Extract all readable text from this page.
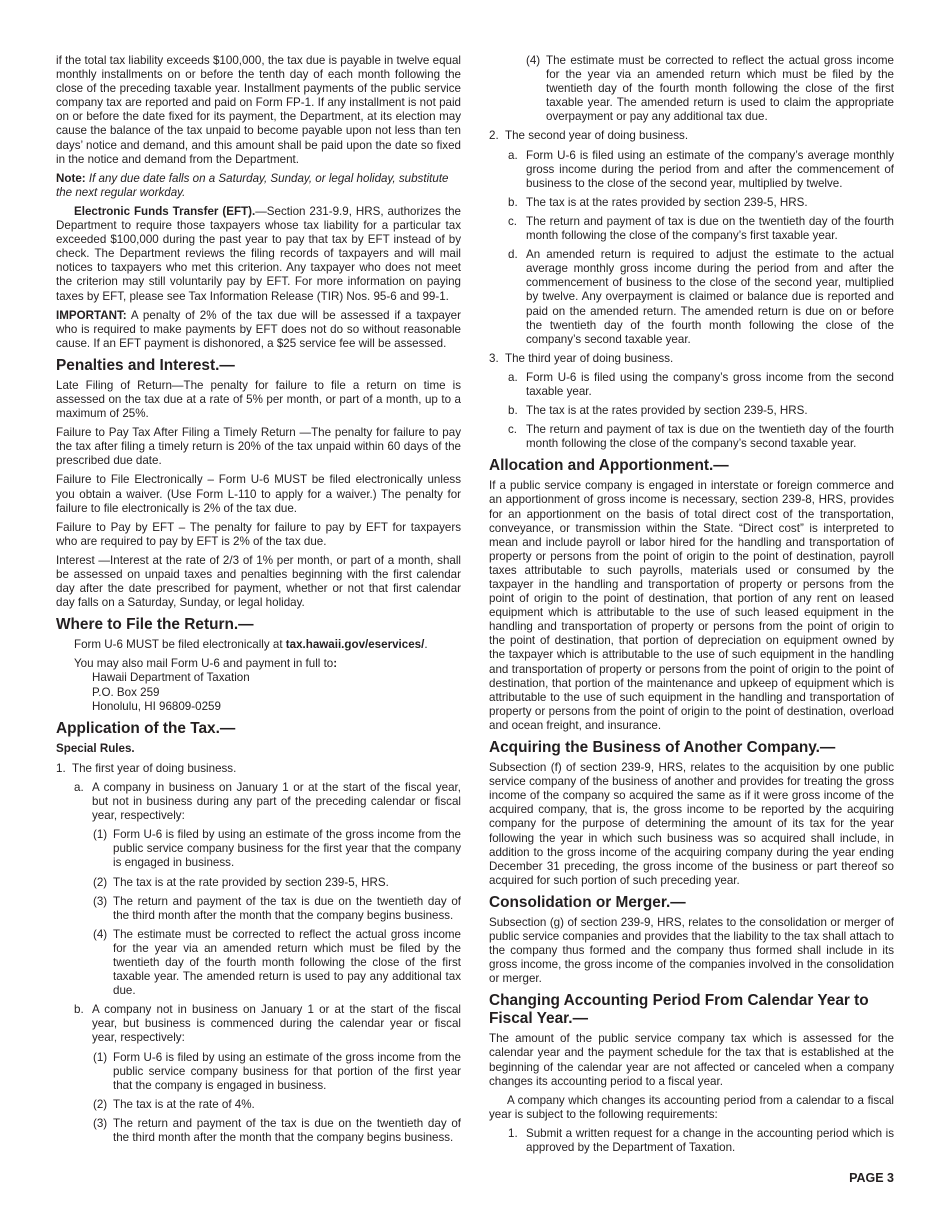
if the total tax liability exceeds $100,000, the tax due is payable in twelve equal monthly installments on or before the tenth day of each month following the close of the preceding taxable year. Installment payments of the public service company tax are reported and paid on Form FP-1. If any installment is not paid on or before the date fixed for its payment, the Department, at its election may cause the balance of the tax unpaid to become payable upon not less than ten days’ notice and demand, and this amount shall be paid upon the date so fixed in the notice and demand from the Department.

Note: If any due date falls on a Saturday, Sunday, or legal holiday, substitute the next regular workday.

Electronic Funds Transfer (EFT).—Section 231-9.9, HRS, authorizes the Department to require those taxpayers whose tax liability for a particular tax exceeded $100,000 during the past year to pay that tax by EFT instead of by check. The Department reviews the filing records of taxpayers and will mail notices to taxpayers who met this criterion. Any taxpayer who does not meet the criterion may still voluntarily pay by EFT. For more information on paying taxes by EFT, please see Tax Information Release (TIR) Nos. 95-6 and 99-1.

IMPORTANT: A penalty of 2% of the tax due will be assessed if a taxpayer who is required to make payments by EFT does not do so without reasonable cause. If an EFT payment is dishonored, a $25 service fee will be assessed.

Penalties and Interest.—

Late Filing of Return—The penalty for failure to file a return on time is assessed on the tax due at a rate of 5% per month, or part of a month, up to a maximum of 25%.

Failure to Pay Tax After Filing a Timely Return —The penalty for failure to pay the tax after filing a timely return is 20% of the tax unpaid within 60 days of the prescribed due date.

Failure to File Electronically – Form U-6 MUST be filed electronically unless you obtain a waiver. (Use Form L-110 to apply for a waiver.) The penalty for failure to file electronically is 2% of the tax due.

Failure to Pay by EFT – The penalty for failure to pay by EFT for taxpayers who are required to pay by EFT is 2% of the tax due.

Interest —Interest at the rate of 2/3 of 1% per month, or part of a month, shall be assessed on unpaid taxes and penalties beginning with the first calendar day after the date prescribed for payment, whether or not that first calendar day falls on a Saturday, Sunday, or legal holiday.

Where to File the Return.—

Form U-6 MUST be filed electronically at tax.hawaii.gov/eservices/.

You may also mail Form U-6 and payment in full to:
Hawaii Department of Taxation
P.O. Box 259
Honolulu, HI 96809-0259
Application of the Tax.—
Special Rules.
1. The first year of doing business.
a. A company in business on January 1 or at the start of the fiscal year, but not in business during any part of the preceding calendar or fiscal year, respectively:
(1) Form U-6 is filed by using an estimate of the gross income from the public service company business for the first year that the company is engaged in business.
(2) The tax is at the rate provided by section 239-5, HRS.
(3) The return and payment of the tax is due on the twentieth day of the third month after the month that the company begins business.
(4) The estimate must be corrected to reflect the actual gross income for the year via an amended return which must be filed by the twentieth day of the fourth month following the close of the first taxable year. The amended return is used to pay any additional tax due.
b. A company not in business on January 1 or at the start of the fiscal year, but business is commenced during the calendar year or fiscal year, respectively:
(1) Form U-6 is filed by using an estimate of the gross income from the public service company business for that portion of the first year that the company is engaged in business.
(2) The tax is at the rate of 4%.
(3) The return and payment of the tax is due on the twentieth day of the third month after the month that the company begins business.
(4) The estimate must be corrected to reflect the actual gross income for the year via an amended return which must be filed by the twentieth day of the fourth month following the close of the first taxable year. The amended return is used to claim the appropriate overpayment or pay any additional tax due.
2. The second year of doing business.
a. Form U-6 is filed using an estimate of the company’s average monthly gross income during the period from and after the commencement of business to the close of the second year, multiplied by twelve.
b. The tax is at the rates provided by section 239-5, HRS.
c. The return and payment of tax is due on the twentieth day of the fourth month following the close of the company’s first taxable year.
d. An amended return is required to adjust the estimate to the actual average monthly gross income during the period from and after the commencement of business to the close of the second year, multiplied by twelve. Any overpayment is claimed or balance due is reported and paid on the amended return. The amended return is due on or before the twentieth day of the fourth month following the close of the company’s second taxable year.
3. The third year of doing business.
a. Form U-6 is filed using the company’s gross income from the second taxable year.
b. The tax is at the rates provided by section 239-5, HRS.
c. The return and payment of tax is due on the twentieth day of the fourth month following the close of the company’s second taxable year.
Allocation and Apportionment.—

If a public service company is engaged in interstate or foreign commerce and an apportionment of gross income is necessary, section 239-8, HRS, provides for an apportionment on the basis of total direct cost of the transportation, conveyance, or transmission within the State. “Direct cost” is interpreted to mean and include payroll or labor hired for the handling and transportation of property or persons from the point of origin to the point of destination, payroll taxes attributable to such payrolls, materials used or consumed by the taxpayer in the handling and transportation of property or persons from the point of origin to the point of destination, that portion of any rent on leased equipment which is attributable to the use of such leased equipment in the handling and transportation of property or persons from the point of origin to the point of destination, that portion of depreciation on equipment owned by the taxpayer which is attributable to the use of such equipment in the handling and transportation of property or persons from the point of origin to the point of destination, that portion of the maintenance and upkeep of equipment which is attributable to the use of such equipment in the handling and transportation of property or persons from the point of origin to the point of destination, overload and ocean freight, and insurance.

Acquiring the Business of Another Company.—

Subsection (f) of section 239-9, HRS, relates to the acquisition by one public service company of the business of another and provides for treating the gross income of the company so acquired the same as if it were gross income of the acquired company, that is, the gross income to be reported by the acquiring company for the purpose of determining the amount of its tax for the year following the year in which such business was so acquired shall include, in addition to the gross income of the acquiring company during the year ending December 31 preceding, the gross income of the business or part thereof so acquired for such portion of such preceding year.

Consolidation or Merger.—

Subsection (g) of section 239-9, HRS, relates to the consolidation or merger of public service companies and provides that the liability to the tax shall attach to the company thus formed and the company thus formed shall include in its gross income, the gross income of the companies involved in the consolidation or merger.

Changing Accounting Period From Calendar Year to Fiscal Year.—

The amount of the public service company tax which is assessed for the calendar year and the payment schedule for the tax that is established at the beginning of the calendar year are not affected or canceled when a company changes its accounting period to a fiscal year.

A company which changes its accounting period from a calendar to a fiscal year is subject to the following requirements:

1. Submit a written request for a change in the accounting period which is approved by the Department of Taxation.
PAGE 3
